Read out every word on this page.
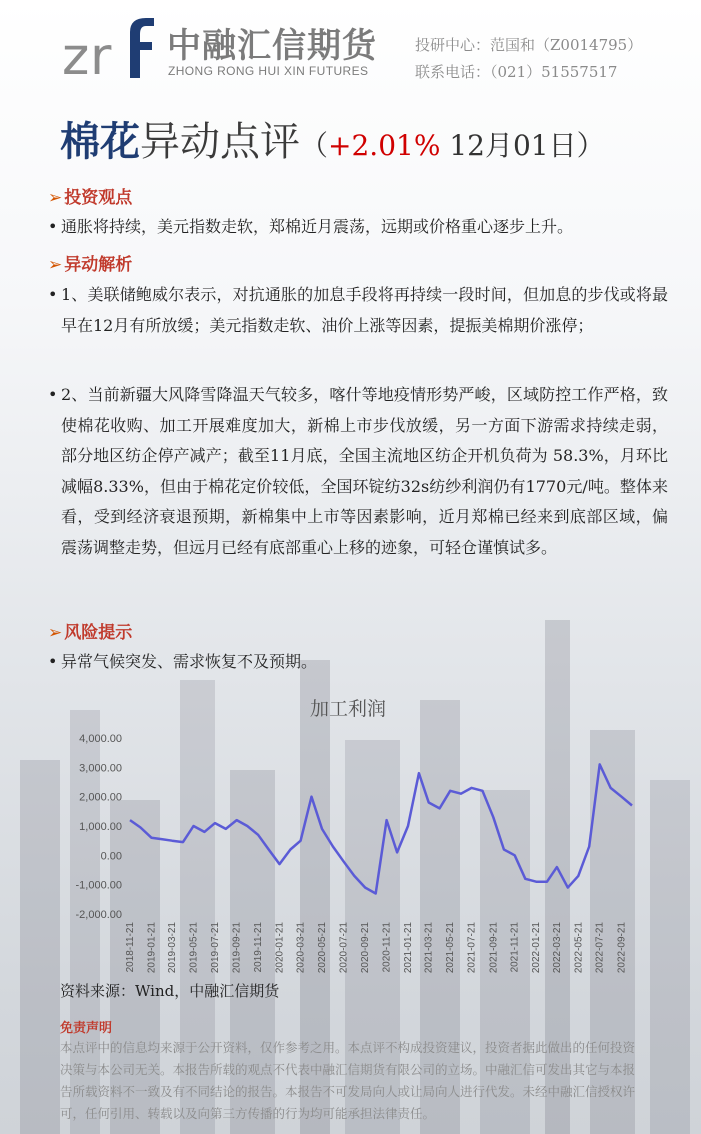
z r 中融汇信期货
ZHONG RONG HUI XIN FUTURES
投研中心：范国和（Z0014795）
联系电话：（021）51557517
棉花异动点评（+2.01% 12月01日）
➢ 投资观点
• 通胀将持续，美元指数走软，郑棉近月震荡，远期或价格重心逐步上升。
➢ 异动解析
• 1、美联储鲍威尔表示，对抗通胀的加息手段将再持续一段时间，但加息的步伐或将最早在12月有所放缓；美元指数走软、油价上涨等因素，提振美棉期价涨停；
• 2、当前新疆大风降雪降温天气较多，喀什等地疫情形势严峻，区域防控工作严格，致使棉花收购、加工开展难度加大，新棉上市步伐放缓，另一方面下游需求持续走弱，部分地区纺企停产减产；截至11月底，全国主流地区纺企开机负荷为 58.3%，月环比减幅8.33%，但由于棉花定价较低，全国环锭纺32s纺纱利润仍有1770元/吨。整体来看，受到经济衰退预期，新棉集中上市等因素影响，近月郑棉已经来到底部区域，偏震荡调整走势，但远月已经有底部重心上移的迹象，可轻仓谨慎试多。
➢ 风险提示
• 异常气候突发、需求恢复不及预期。
加工利润
4,000.00
3,000.00
2,000.00
1,000.00
0.00
-1,000.00
-2,000.00
2018-11-21 2019-01-21 2019-03-21 2019-05-21 2019-07-21 2019-09-21 2019-11-21 2020-01-21 2020-03-21 2020-05-21 2020-07-21 2020-09-21 2020-11-21 2021-01-21 2021-03-21 2021-05-21 2021-07-21 2021-09-21 2021-11-21 2022-01-21 2022-03-21 2022-05-21 2022-07-21 2022-09-21
资料来源：Wind，中融汇信期货
免责声明
本点评中的信息均来源于公开资料，仅作参考之用。本点评不构成投资建议，投资者据此做出的任何投资决策与本公司无关。本报告所载的观点不代表中融汇信期货有限公司的立场。中融汇信可发出其它与本报告所载资料不一致及有不同结论的报告。本报告不可发局向人或让局向人进行代发。未经中融汇信授权许可，任何引用、转载以及向第三方传播的行为均可能承担法律责任。
